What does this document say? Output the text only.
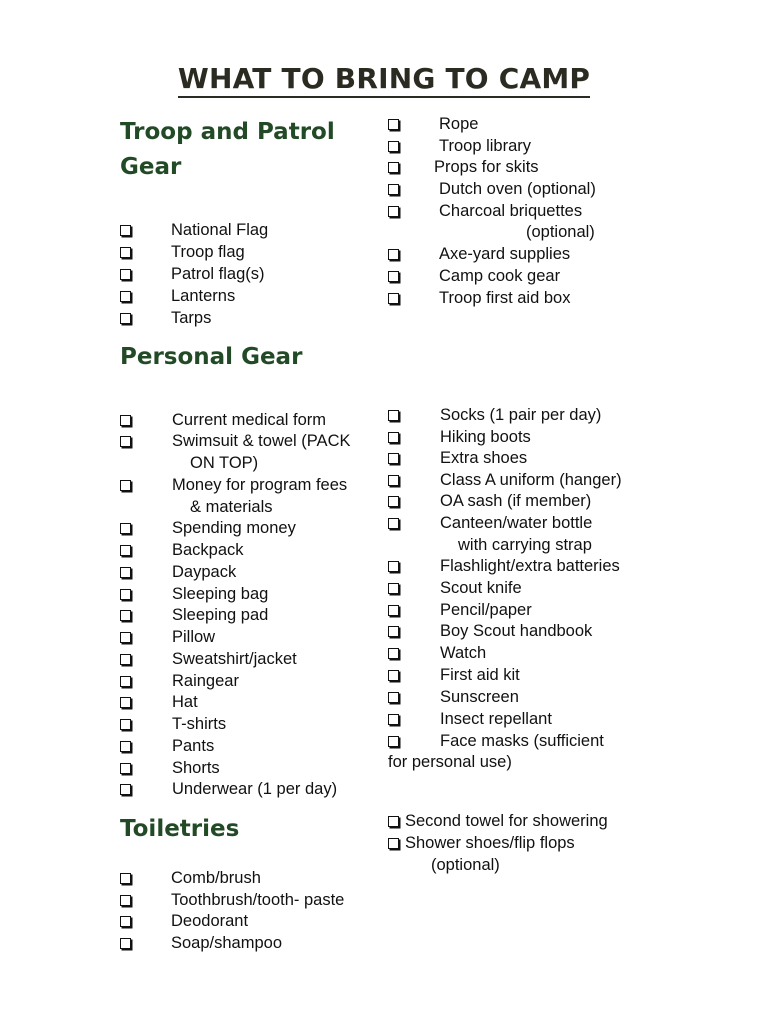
WHAT TO BRING TO CAMP
Troop and Patrol
Gear
National Flag
Troop flag
Patrol flag(s)
Lanterns
Tarps
Rope
Troop library
Props for skits
Dutch oven (optional)
Charcoal briquettes
(optional)
Axe-yard supplies
Camp cook gear
Troop first aid box
Personal Gear
Current medical form
Swimsuit & towel (PACK
ON TOP)
Money for program fees
& materials
Spending money
Backpack
Daypack
Sleeping bag
Sleeping pad
Pillow
Sweatshirt/jacket
Raingear
Hat
T-shirts
Pants
Shorts
Underwear (1 per day)
Socks (1 pair per day)
Hiking boots
Extra shoes
Class A uniform (hanger)
OA sash (if member)
Canteen/water bottle
with carrying strap
Flashlight/extra batteries
Scout knife
Pencil/paper
Boy Scout handbook
Watch
First aid kit
Sunscreen
Insect repellant
Face masks (sufficient
for personal use)
Toiletries
Comb/brush
Toothbrush/tooth- paste
Deodorant
Soap/shampoo
Second towel for showering
Shower shoes/flip flops
(optional)
